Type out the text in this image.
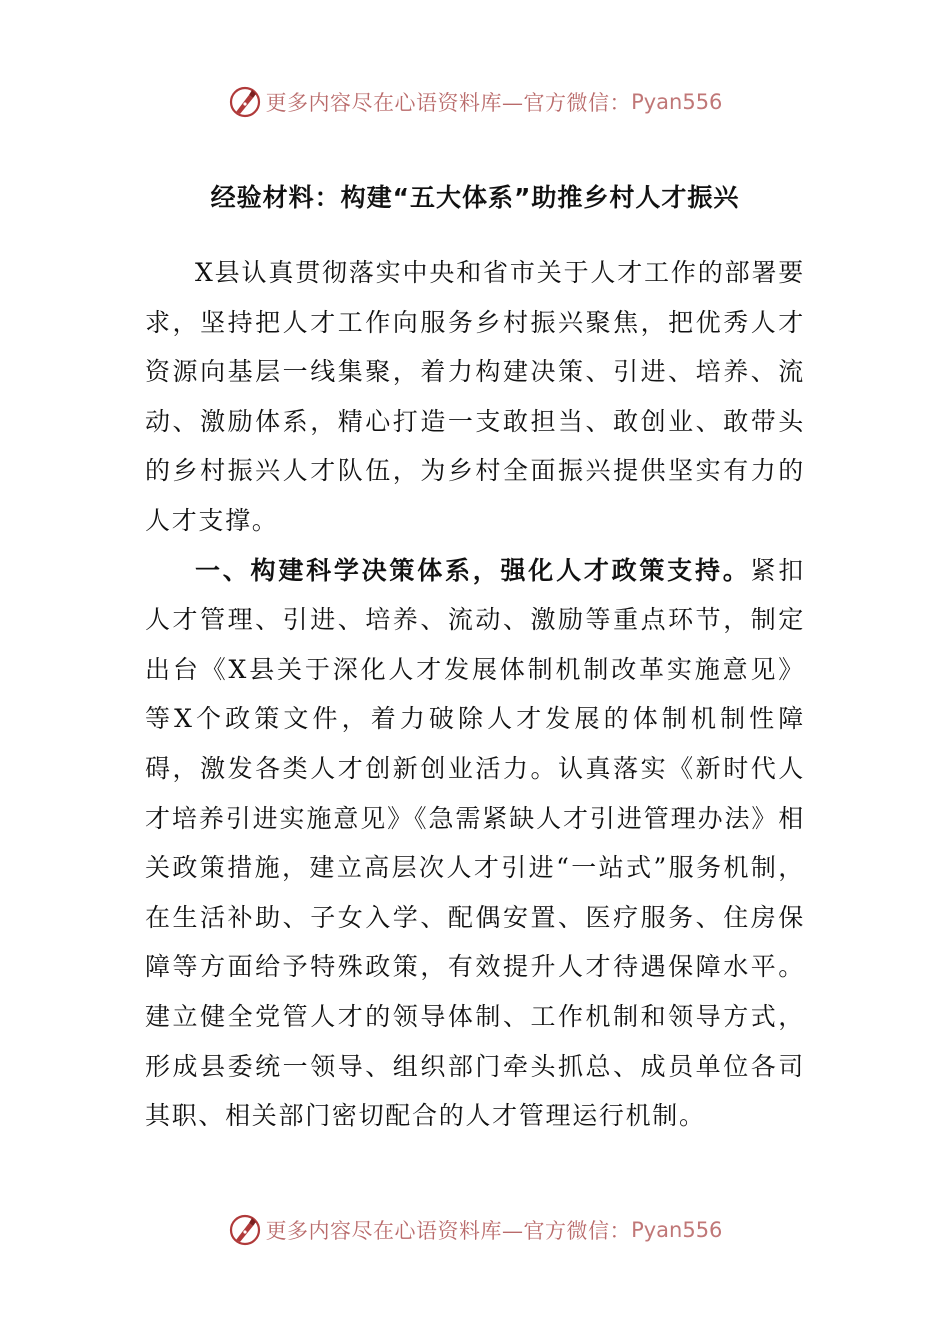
更多内容尽在心语资料库—官方微信： Pyan556
经验材料：构建“五大体系”助推乡村人才振兴

X县认真贯彻落实中央和省市关于人才工作的部署要求，坚持把人才工作向服务乡村振兴聚焦，把优秀人才资源向基层一线集聚，着力构建决策、引进、培养、流动、激励体系，精心打造一支敢担当、敢创业、敢带头的乡村振兴人才队伍，为乡村全面振兴提供坚实有力的人才支撑。

一、构建科学决策体系，强化人才政策支持。紧扣人才管理、引进、培养、流动、激励等重点环节，制定出台《X县关于深化人才发展体制机制改革实施意见》等X个政策文件，着力破除人才发展的体制机制性障碍，激发各类人才创新创业活力。认真落实《新时代人才培养引进实施意见》《急需紧缺人才引进管理办法》相关政策措施，建立高层次人才引进“一站式”服务机制，在生活补助、子女入学、配偶安置、医疗服务、住房保障等方面给予特殊政策，有效提升人才待遇保障水平。建立健全党管人才的领导体制、工作机制和领导方式，形成县委统一领导、组织部门牵头抓总、成员单位各司其职、相关部门密切配合的人才管理运行机制。

更多内容尽在心语资料库—官方微信： Pyan556
